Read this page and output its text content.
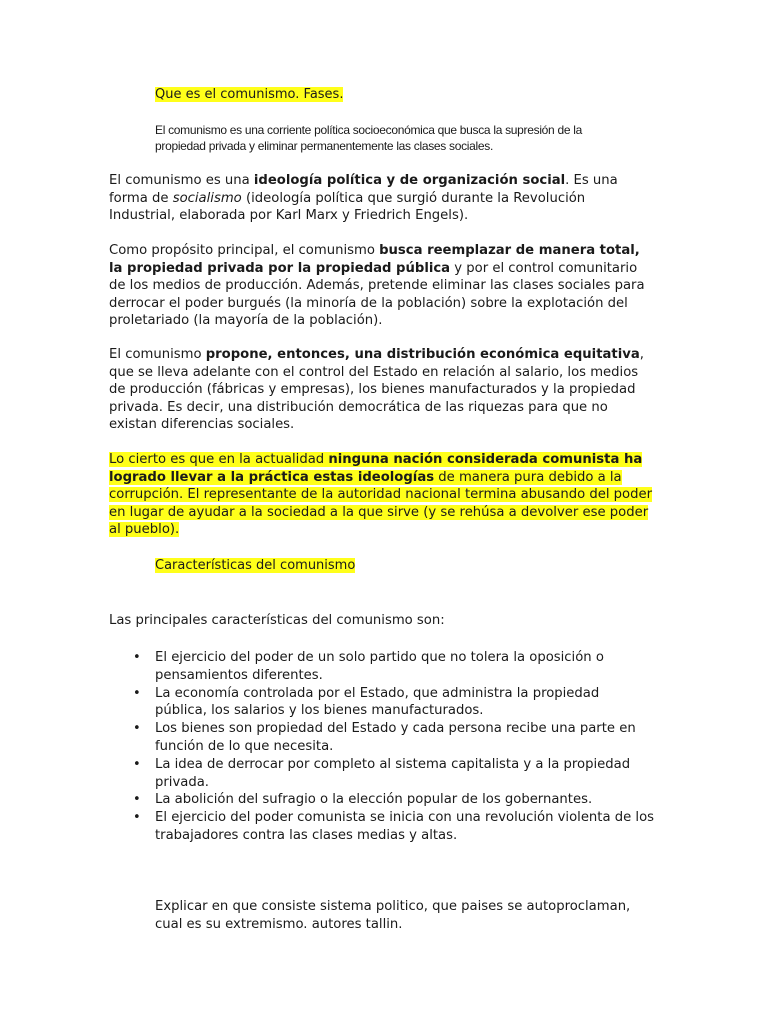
Que es el comunismo. Fases.

El comunismo es una corriente política socioeconómica que busca la supresión de la propiedad privada y eliminar permanentemente las clases sociales.

El comunismo es una ideología política y de organización social. Es una forma de socialismo (ideología política que surgió durante la Revolución Industrial, elaborada por Karl Marx y Friedrich Engels).

Como propósito principal, el comunismo busca reemplazar de manera total, la propiedad privada por la propiedad pública y por el control comunitario de los medios de producción. Además, pretende eliminar las clases sociales para derrocar el poder burgués (la minoría de la población) sobre la explotación del proletariado (la mayoría de la población).

El comunismo propone, entonces, una distribución económica equitativa, que se lleva adelante con el control del Estado en relación al salario, los medios de producción (fábricas y empresas), los bienes manufacturados y la propiedad privada. Es decir, una distribución democrática de las riquezas para que no existan diferencias sociales.

Lo cierto es que en la actualidad ninguna nación considerada comunista ha logrado llevar a la práctica estas ideologías de manera pura debido a la corrupción. El representante de la autoridad nacional termina abusando del poder en lugar de ayudar a la sociedad a la que sirve (y se rehúsa a devolver ese poder al pueblo).

Características del comunismo

Las principales características del comunismo son:

• El ejercicio del poder de un solo partido que no tolera la oposición o pensamientos diferentes.
• La economía controlada por el Estado, que administra la propiedad pública, los salarios y los bienes manufacturados.
• Los bienes son propiedad del Estado y cada persona recibe una parte en función de lo que necesita.
• La idea de derrocar por completo al sistema capitalista y a la propiedad privada.
• La abolición del sufragio o la elección popular de los gobernantes.
• El ejercicio del poder comunista se inicia con una revolución violenta de los trabajadores contra las clases medias y altas.

Explicar en que consiste sistema politico, que paises se autoproclaman, cual es su extremismo. autores tallin.
